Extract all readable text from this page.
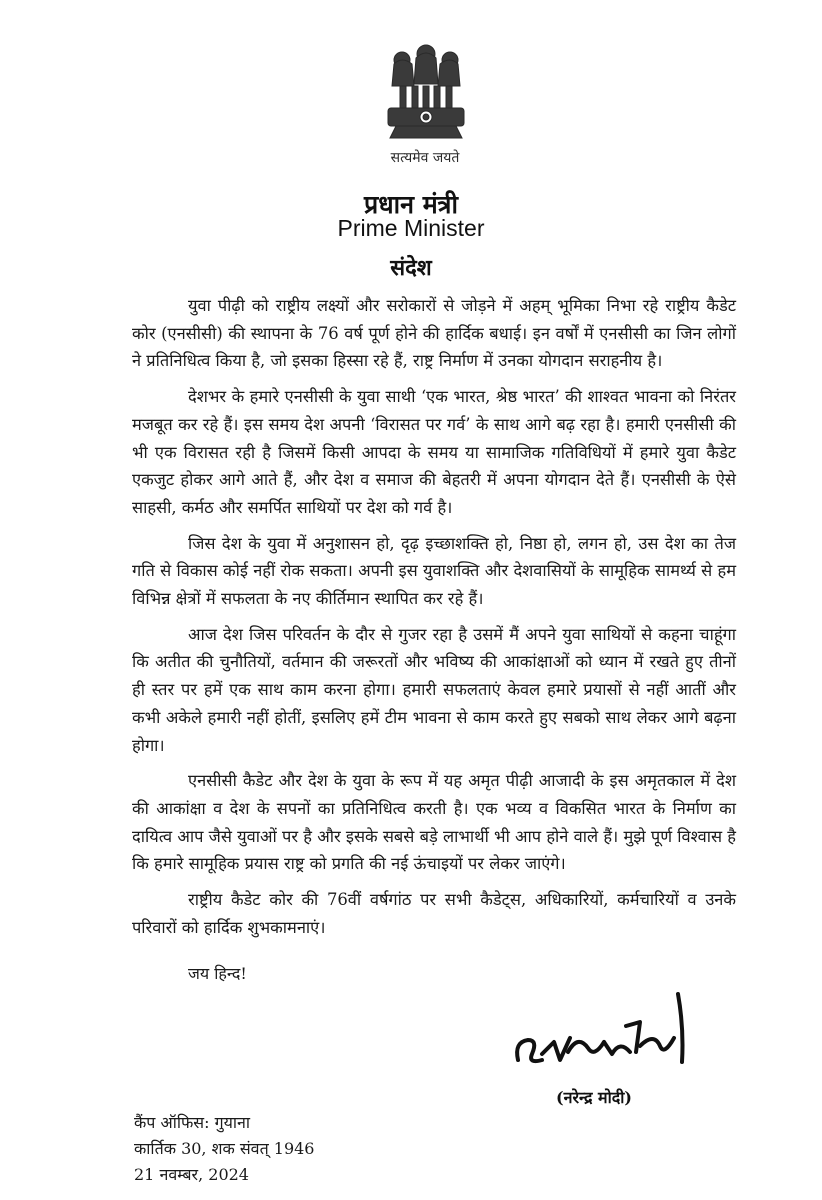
सत्यमेव जयते
प्रधान मंत्री
Prime Minister
संदेश

युवा पीढ़ी को राष्ट्रीय लक्ष्यों और सरोकारों से जोड़ने में अहम् भूमिका निभा रहे राष्ट्रीय कैडेट कोर (एनसीसी) की स्थापना के 76 वर्ष पूर्ण होने की हार्दिक बधाई। इन वर्षों में एनसीसी का जिन लोगों ने प्रतिनिधित्व किया है, जो इसका हिस्सा रहे हैं, राष्ट्र निर्माण में उनका योगदान सराहनीय है।

देशभर के हमारे एनसीसी के युवा साथी ‘एक भारत, श्रेष्ठ भारत’ की शाश्वत भावना को निरंतर मजबूत कर रहे हैं। इस समय देश अपनी ‘विरासत पर गर्व’ के साथ आगे बढ़ रहा है। हमारी एनसीसी की भी एक विरासत रही है जिसमें किसी आपदा के समय या सामाजिक गतिविधियों में हमारे युवा कैडेट एकजुट होकर आगे आते हैं, और देश व समाज की बेहतरी में अपना योगदान देते हैं। एनसीसी के ऐसे साहसी, कर्मठ और समर्पित साथियों पर देश को गर्व है।

जिस देश के युवा में अनुशासन हो, दृढ़ इच्छाशक्ति हो, निष्ठा हो, लगन हो, उस देश का तेज गति से विकास कोई नहीं रोक सकता। अपनी इस युवाशक्ति और देशवासियों के सामूहिक सामर्थ्य से हम विभिन्न क्षेत्रों में सफलता के नए कीर्तिमान स्थापित कर रहे हैं।

आज देश जिस परिवर्तन के दौर से गुजर रहा है उसमें मैं अपने युवा साथियों से कहना चाहूंगा कि अतीत की चुनौतियों, वर्तमान की जरूरतों और भविष्य की आकांक्षाओं को ध्यान में रखते हुए तीनों ही स्तर पर हमें एक साथ काम करना होगा। हमारी सफलताएं केवल हमारे प्रयासों से नहीं आतीं और कभी अकेले हमारी नहीं होतीं, इसलिए हमें टीम भावना से काम करते हुए सबको साथ लेकर आगे बढ़ना होगा।

एनसीसी कैडेट और देश के युवा के रूप में यह अमृत पीढ़ी आजादी के इस अमृतकाल में देश की आकांक्षा व देश के सपनों का प्रतिनिधित्व करती है। एक भव्य व विकसित भारत के निर्माण का दायित्व आप जैसे युवाओं पर है और इसके सबसे बड़े लाभार्थी भी आप होने वाले हैं। मुझे पूर्ण विश्वास है कि हमारे सामूहिक प्रयास राष्ट्र को प्रगति की नई ऊंचाइयों पर लेकर जाएंगे।

राष्ट्रीय कैडेट कोर की 76वीं वर्षगांठ पर सभी कैडेट्स, अधिकारियों, कर्मचारियों व उनके परिवारों को हार्दिक शुभकामनाएं।

जय हिन्द!
(नरेन्द्र मोदी)
कैंप ऑफिस: गुयाना
कार्तिक 30, शक संवत् 1946
21 नवम्बर, 2024
